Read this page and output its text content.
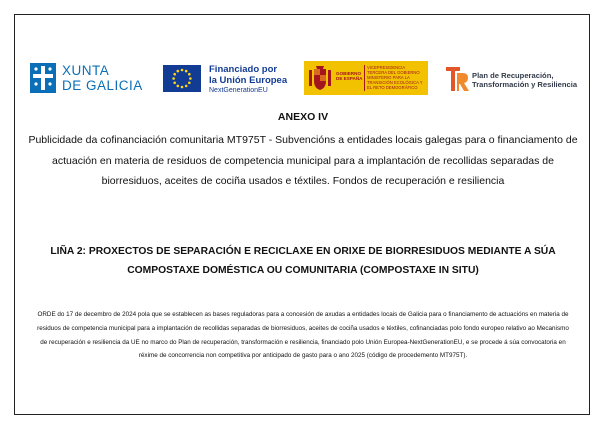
XUNTA
DE GALICIA
Financiado por
la Unión Europea
NextGenerationEU
GOBIERNO DE ESPAÑA
VICEPRESIDENCIA TERCERA DEL GOBIERNO
MINISTERIO PARA LA TRANSICIÓN ECOLÓGICA Y EL RETO DEMOGRÁFICO
Plan de Recuperación,
Transformación y Resiliencia
ANEXO IV
Publicidade da cofinanciación comunitaria MT975T - Subvencións a entidades locais galegas para o financiamento de actuación en materia de residuos de competencia municipal para a implantación de recollidas separadas de biorresiduos, aceites de cociña usados e téxtiles. Fondos de recuperación e resiliencia
LIÑA 2: PROXECTOS DE SEPARACIÓN E RECICLAXE EN ORIXE DE BIORRESIDUOS MEDIANTE A SÚA COMPOSTAXE DOMÉSTICA OU COMUNITARIA (COMPOSTAXE IN SITU)
ORDE do 17 de decembro de 2024 pola que se establecen as bases reguladoras para a concesión de axudas a entidades locais de Galicia para o financiamento de actuacións en materia de residuos de competencia municipal para a implantación de recollidas separadas de biorresiduos, aceites de cociña usados e téxtiles, cofinanciadas polo fondo europeo relativo ao Mecanismo de recuperación e resiliencia da UE no marco do Plan de recuperación, transformación e resiliencia, financiado polo Unión Europea-NextGenerationEU, e se procede á súa convocatoria en réxime de concorrencia non competitiva por anticipado de gasto para o ano 2025 (código de procedemento MT975T).
